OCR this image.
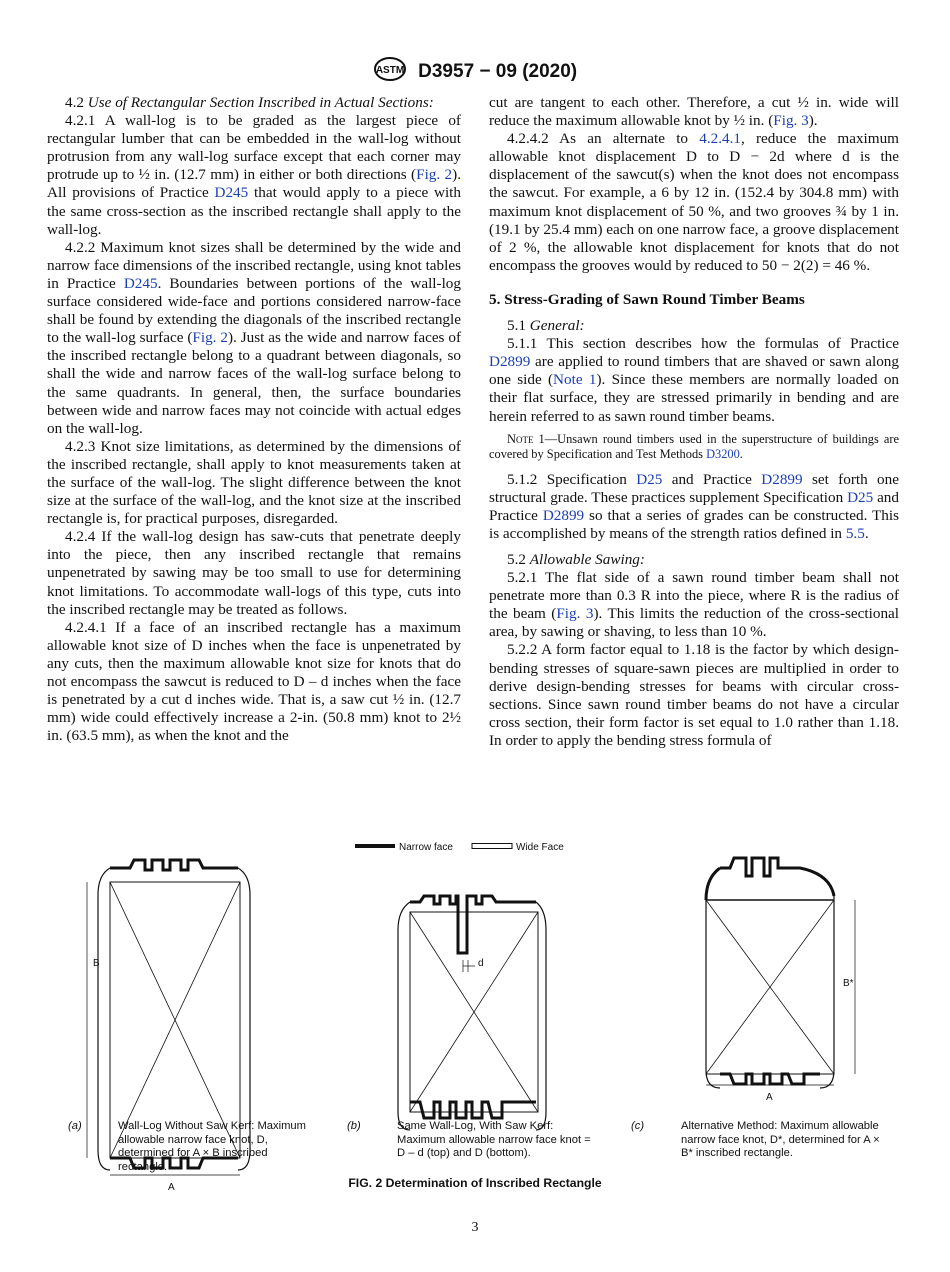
ASTM D3957 − 09 (2020)

4.2 Use of Rectangular Section Inscribed in Actual Sections:

4.2.1 A wall-log is to be graded as the largest piece of rectangular lumber that can be embedded in the wall-log without protrusion from any wall-log surface except that each corner may protrude up to ½ in. (12.7 mm) in either or both directions (Fig. 2). All provisions of Practice D245 that would apply to a piece with the same cross-section as the inscribed rectangle shall apply to the wall-log.

4.2.2 Maximum knot sizes shall be determined by the wide and narrow face dimensions of the inscribed rectangle, using knot tables in Practice D245. Boundaries between portions of the wall-log surface considered wide-face and portions considered narrow-face shall be found by extending the diagonals of the inscribed rectangle to the wall-log surface (Fig. 2). Just as the wide and narrow faces of the inscribed rectangle belong to a quadrant between diagonals, so shall the wide and narrow faces of the wall-log surface belong to the same quadrants. In general, then, the surface boundaries between wide and narrow faces may not coincide with actual edges on the wall-log.

4.2.3 Knot size limitations, as determined by the dimensions of the inscribed rectangle, shall apply to knot measurements taken at the surface of the wall-log. The slight difference between the knot size at the surface of the wall-log, and the knot size at the inscribed rectangle is, for practical purposes, disregarded.

4.2.4 If the wall-log design has saw-cuts that penetrate deeply into the piece, then any inscribed rectangle that remains unpenetrated by sawing may be too small to use for determining knot limitations. To accommodate wall-logs of this type, cuts into the inscribed rectangle may be treated as follows.

4.2.4.1 If a face of an inscribed rectangle has a maximum allowable knot size of D inches when the face is unpenetrated by any cuts, then the maximum allowable knot size for knots that do not encompass the sawcut is reduced to D – d inches when the face is penetrated by a cut d inches wide. That is, a saw cut ½ in. (12.7 mm) wide could effectively increase a 2-in. (50.8 mm) knot to 2½ in. (63.5 mm), as when the knot and the

cut are tangent to each other. Therefore, a cut ½ in. wide will reduce the maximum allowable knot by ½ in. (Fig. 3).

4.2.4.2 As an alternate to 4.2.4.1, reduce the maximum allowable knot displacement D to D − 2d where d is the displacement of the sawcut(s) when the knot does not encompass the sawcut. For example, a 6 by 12 in. (152.4 by 304.8 mm) with maximum knot displacement of 50 %, and two grooves ¾ by 1 in. (19.1 by 25.4 mm) each on one narrow face, a groove displacement of 2 %, the allowable knot displacement for knots that do not encompass the grooves would by reduced to 50 − 2(2) = 46 %.

5. Stress-Grading of Sawn Round Timber Beams

5.1 General:

5.1.1 This section describes how the formulas of Practice D2899 are applied to round timbers that are shaved or sawn along one side (Note 1). Since these members are normally loaded on their flat surface, they are stressed primarily in bending and are herein referred to as sawn round timber beams.

Note 1—Unsawn round timbers used in the superstructure of buildings are covered by Specification and Test Methods D3200.

5.1.2 Specification D25 and Practice D2899 set forth one structural grade. These practices supplement Specification D25 and Practice D2899 so that a series of grades can be constructed. This is accomplished by means of the strength ratios defined in 5.5.

5.2 Allowable Sawing:

5.2.1 The flat side of a sawn round timber beam shall not penetrate more than 0.3 R into the piece, where R is the radius of the beam (Fig. 3). This limits the reduction of the cross-sectional area, by sawing or shaving, to less than 10 %.

5.2.2 A form factor equal to 1.18 is the factor by which design-bending stresses of square-sawn pieces are multiplied in order to derive design-bending stresses for beams with circular cross-sections. Since sawn round timber beams do not have a circular cross section, their form factor is set equal to 1.0 rather than 1.18. In order to apply the bending stress formula of

Narrow face	Wide Face
B
A
d
B*
A
(a)	Wall-Log Without Saw Kerf: Maximum allowable narrow face knot, D, determined for A × B inscribed rectangle.
(b)	Same Wall-Log, With Saw Kerf: Maximum allowable narrow face knot = D – d (top) and D (bottom).
(c)	Alternative Method: Maximum allowable narrow face knot, D*, determined for A × B* inscribed rectangle.
FIG. 2 Determination of Inscribed Rectangle
3
